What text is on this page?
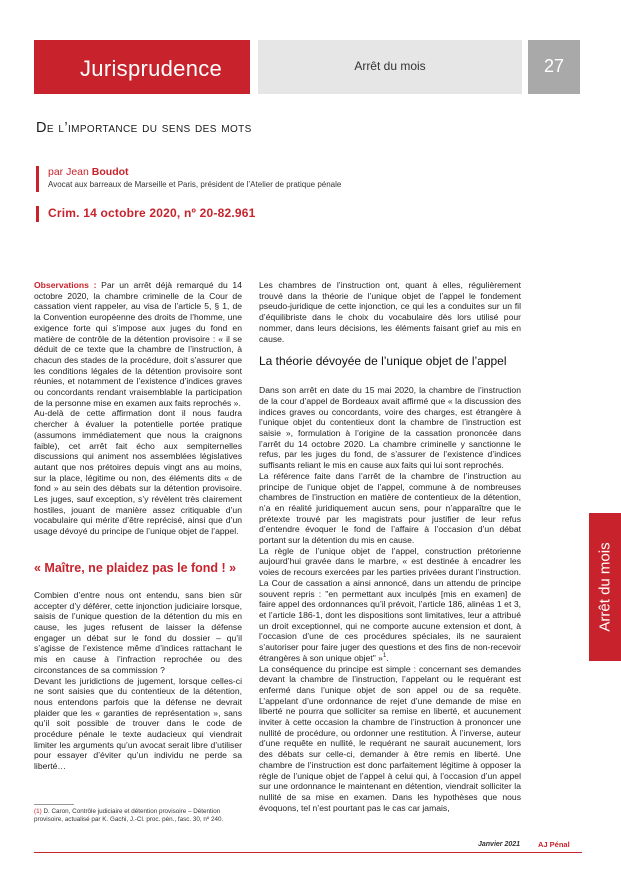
Jurisprudence	Arrêt du mois	27
De l’importance du sens des mots
par Jean Boudot
Avocat aux barreaux de Marseille et Paris, président de l’Atelier de pratique pénale
Crim. 14 octobre 2020, nº 20-82.961

Observations : Par un arrêt déjà remarqué du 14 octobre 2020, la chambre criminelle de la Cour de cassation vient rappeler, au visa de l’article 5, § 1, de la Convention européenne des droits de l’homme, une exigence forte qui s’impose aux juges du fond en matière de contrôle de la détention provisoire : « il se déduit de ce texte que la chambre de l’instruction, à chacun des stades de la procédure, doit s’assurer que les conditions légales de la détention provisoire sont réunies, et notamment de l’existence d’indices graves ou concordants rendant vraisemblable la participation de la personne mise en examen aux faits reprochés ».

Au-delà de cette affirmation dont il nous faudra chercher à évaluer la potentielle portée pratique (assumons immédiatement que nous la craignons faible), cet arrêt fait écho aux sempiternelles discussions qui animent nos assemblées législatives autant que nos prétoires depuis vingt ans au moins, sur la place, légitime ou non, des éléments dits « de fond » au sein des débats sur la détention provisoire. Les juges, sauf exception, s’y révèlent très clairement hostiles, jouant de manière assez critiquable d’un vocabulaire qui mérite d’être reprécisé, ainsi que d’un usage dévoyé du principe de l’unique objet de l’appel.

« Maître, ne plaidez pas le fond ! »

Combien d’entre nous ont entendu, sans bien sûr accepter d’y déférer, cette injonction judiciaire lorsque, saisis de l’unique question de la détention du mis en cause, les juges refusent de laisser la défense engager un débat sur le fond du dossier – qu’il s’agisse de l’existence même d’indices rattachant le mis en cause à l’infraction reprochée ou des circonstances de sa commission ?

Devant les juridictions de jugement, lorsque celles-ci ne sont saisies que du contentieux de la détention, nous entendons parfois que la défense ne devrait plaider que les « garanties de représentation », sans qu’il soit possible de trouver dans le code de procédure pénale le texte audacieux qui viendrait limiter les arguments qu’un avocat serait libre d’utiliser pour essayer d’éviter qu’un individu ne perde sa liberté…

Les chambres de l’instruction ont, quant à elles, régulièrement trouvé dans la théorie de l’unique objet de l’appel le fondement pseudo-juridique de cette injonction, ce qui les a conduites sur un fil d’équilibriste dans le choix du vocabulaire dès lors utilisé pour nommer, dans leurs décisions, les éléments faisant grief au mis en cause.

La théorie dévoyée de l’unique objet de l’appel

Dans son arrêt en date du 15 mai 2020, la chambre de l’instruction de la cour d’appel de Bordeaux avait affirmé que « la discussion des indices graves ou concordants, voire des charges, est étrangère à l’unique objet du contentieux dont la chambre de l’instruction est saisie », formulation à l’origine de la cassation prononcée dans l’arrêt du 14 octobre 2020. La chambre criminelle y sanctionne le refus, par les juges du fond, de s’assurer de l’existence d’indices suffisants reliant le mis en cause aux faits qui lui sont reprochés.

La référence faite dans l’arrêt de la chambre de l’instruction au principe de l’unique objet de l’appel, commune à de nombreuses chambres de l’instruction en matière de contentieux de la détention, n’a en réalité juridiquement aucun sens, pour n’apparaître que le prétexte trouvé par les magistrats pour justifier de leur refus d’entendre évoquer le fond de l’affaire à l’occasion d’un débat portant sur la détention du mis en cause.

La règle de l’unique objet de l’appel, construction prétorienne aujourd’hui gravée dans le marbre, « est destinée à encadrer les voies de recours exercées par les parties privées durant l’instruction. La Cour de cassation a ainsi annoncé, dans un attendu de principe souvent repris : "en permettant aux inculpés [mis en examen] de faire appel des ordonnances qu’il prévoit, l’article 186, alinéas 1 et 3, et l’article 186-1, dont les dispositions sont limitatives, leur a attribué un droit exceptionnel, qui ne comporte aucune extension et dont, à l’occasion d’une de ces procédures spéciales, ils ne sauraient s’autoriser pour faire juger des questions et des fins de non-recevoir étrangères à son unique objet" »$^1$.

La conséquence du principe est simple : concernant ses demandes devant la chambre de l’instruction, l’appelant ou le requérant est enfermé dans l’unique objet de son appel ou de sa requête. L’appelant d’une ordonnance de rejet d’une demande de mise en liberté ne pourra que solliciter sa remise en liberté, et aucunement inviter à cette occasion la chambre de l’instruction à prononcer une nullité de procédure, ou ordonner une restitution. À l’inverse, auteur d’une requête en nullité, le requérant ne saurait aucunement, lors des débats sur celle-ci, demander à être remis en liberté. Une chambre de l’instruction est donc parfaitement légitime à opposer la règle de l’unique objet de l’appel à celui qui, à l’occasion d’un appel sur une ordonnance le maintenant en détention, viendrait solliciter la nullité de sa mise en examen. Dans les hypothèses que nous évoquons, tel n’est pourtant pas le cas car jamais,

(1) D. Caron, Contrôle judiciaire et détention provisoire – Détention provisoire, actualisé par K. Gachi, J.-Cl. proc. pén., fasc. 30, nº 240.
Janvier 2021 AJ Pénal
Arrêt du mois
